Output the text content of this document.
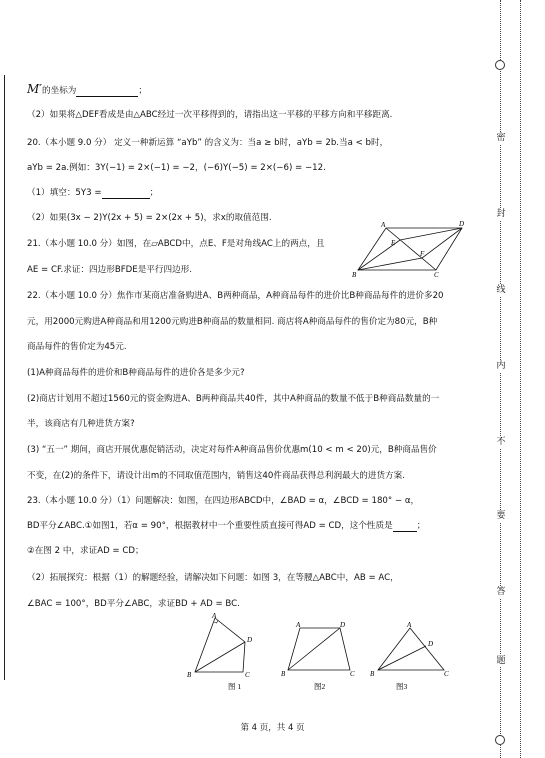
M′的坐标为	；
（2）如果将△DEF看成是由△ABC经过一次平移得到的，请指出这一平移的平移方向和平移距离.
20.（本小题 9.0 分） 定义一种新运算 “aYb” 的含义为：当a ≥ b时，aYb = 2b.当a < b时，
aYb = 2a.例如：3Y(−1) = 2×(−1) = −2，(−6)Y(−5) = 2×(−6) = −12.
（1）填空：5Y3 =	；
（2）如果(3x − 2)Y(2x + 5) = 2×(2x + 5)，求x的取值范围.
21.（本小题 10.0 分）如图，在▱ABCD中，点E、F是对角线AC上的两点，且
AE = CF.求证：四边形BFDE是平行四边形.
22.（本小题 10.0 分）焦作市某商店准备购进A、B两种商品，A种商品每件的进价比B种商品每件的进价多20
元，用2000元购进A种商品和用1200元购进B种商品的数量相同. 商店将A种商品每件的售价定为80元，B种
商品每件的售价定为45元.
(1)A种商品每件的进价和B种商品每件的进价各是多少元?
(2)商店计划用不超过1560元的资金购进A、B两种商品共40件，其中A种商品的数量不低于B种商品数量的一
半，该商店有几种进货方案?
(3) “五一” 期间，商店开展优惠促销活动，决定对每件A种商品售价优惠m(10 < m < 20)元，B种商品售价
不变，在(2)的条件下，请设计出m的不同取值范围内，销售这40件商品获得总利润最大的进货方案.
23.（本小题 10.0 分）（1）问题解决：如图，在四边形ABCD中，∠BAD = α，∠BCD = 180° − α，
BD平分∠ABC.①如图1，若α = 90°，根据教材中一个重要性质直接可得AD = CD，这个性质是	；
②在图 2 中，求证AD = CD；
（2）拓展探究：根据（1）的解题经验，请解决如下问题：如图 3，在等腰△ABC中，AB = AC，
∠BAC = 100°，BD平分∠ABC，求证BD + AD = BC.
A	D
E
F
B	C
A
D
B	C
图 1
A	D
B	C
图2
A
D
B	C
图3
密
封
线
内
不
要
答
题
第 4 页，共 4 页
